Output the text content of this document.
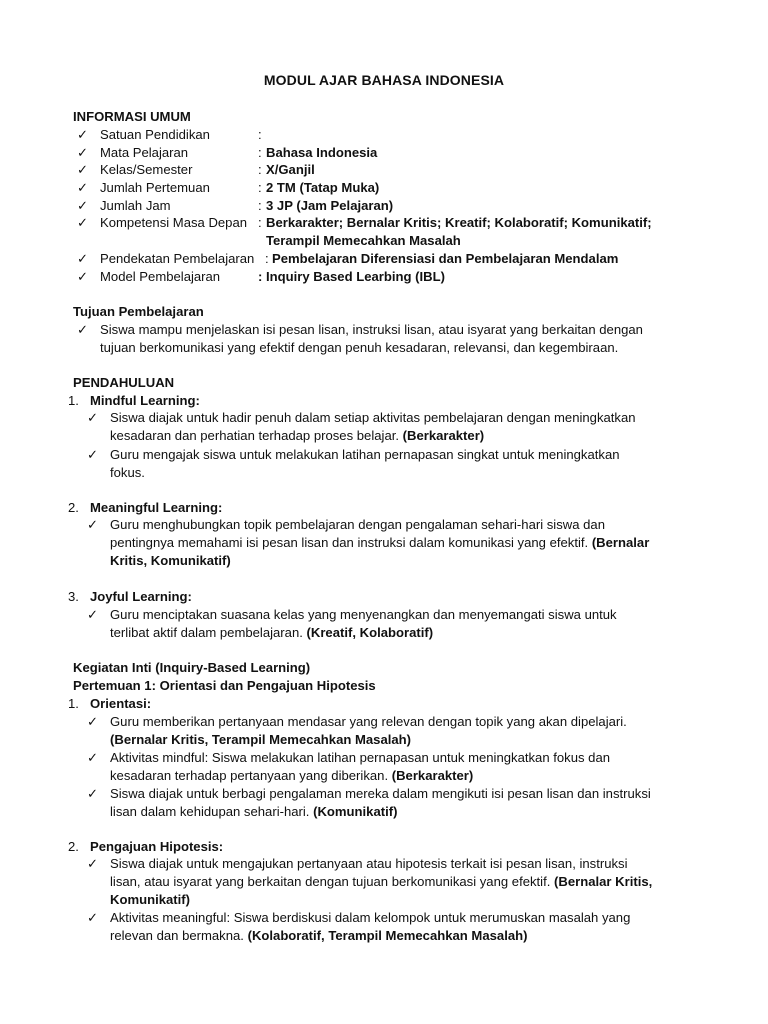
MODUL AJAR BAHASA INDONESIA
INFORMASI UMUM
✓ Satuan Pendidikan	:
✓ Mata Pelajaran	: Bahasa Indonesia
✓ Kelas/Semester	: X/Ganjil
✓ Jumlah Pertemuan	: 2 TM (Tatap Muka)
✓ Jumlah Jam	: 3 JP (Jam Pelajaran)
✓ Kompetensi Masa Depan : Berkarakter; Bernalar Kritis; Kreatif; Kolaboratif; Komunikatif;
Terampil Memecahkan Masalah
✓ Pendekatan Pembelajaran : Pembelajaran Diferensiasi dan Pembelajaran Mendalam
✓ Model Pembelajaran	: Inquiry Based Learbing (IBL)
Tujuan Pembelajaran
✓ Siswa mampu menjelaskan isi pesan lisan, instruksi lisan, atau isyarat yang berkaitan dengan
tujuan berkomunikasi yang efektif dengan penuh kesadaran, relevansi, dan kegembiraan.
PENDAHULUAN
1. Mindful Learning:
✓ Siswa diajak untuk hadir penuh dalam setiap aktivitas pembelajaran dengan meningkatkan
kesadaran dan perhatian terhadap proses belajar. (Berkarakter)
✓ Guru mengajak siswa untuk melakukan latihan pernapasan singkat untuk meningkatkan
fokus.
2. Meaningful Learning:
✓ Guru menghubungkan topik pembelajaran dengan pengalaman sehari-hari siswa dan
pentingnya memahami isi pesan lisan dan instruksi dalam komunikasi yang efektif. (Bernalar
Kritis, Komunikatif)
3. Joyful Learning:
✓ Guru menciptakan suasana kelas yang menyenangkan dan menyemangati siswa untuk
terlibat aktif dalam pembelajaran. (Kreatif, Kolaboratif)
Kegiatan Inti (Inquiry-Based Learning)
Pertemuan 1: Orientasi dan Pengajuan Hipotesis
1. Orientasi:
✓ Guru memberikan pertanyaan mendasar yang relevan dengan topik yang akan dipelajari.
(Bernalar Kritis, Terampil Memecahkan Masalah)
✓ Aktivitas mindful: Siswa melakukan latihan pernapasan untuk meningkatkan fokus dan
kesadaran terhadap pertanyaan yang diberikan. (Berkarakter)
✓ Siswa diajak untuk berbagi pengalaman mereka dalam mengikuti isi pesan lisan dan instruksi
lisan dalam kehidupan sehari-hari. (Komunikatif)
2. Pengajuan Hipotesis:
✓ Siswa diajak untuk mengajukan pertanyaan atau hipotesis terkait isi pesan lisan, instruksi
lisan, atau isyarat yang berkaitan dengan tujuan berkomunikasi yang efektif. (Bernalar Kritis,
Komunikatif)
✓ Aktivitas meaningful: Siswa berdiskusi dalam kelompok untuk merumuskan masalah yang
relevan dan bermakna. (Kolaboratif, Terampil Memecahkan Masalah)
